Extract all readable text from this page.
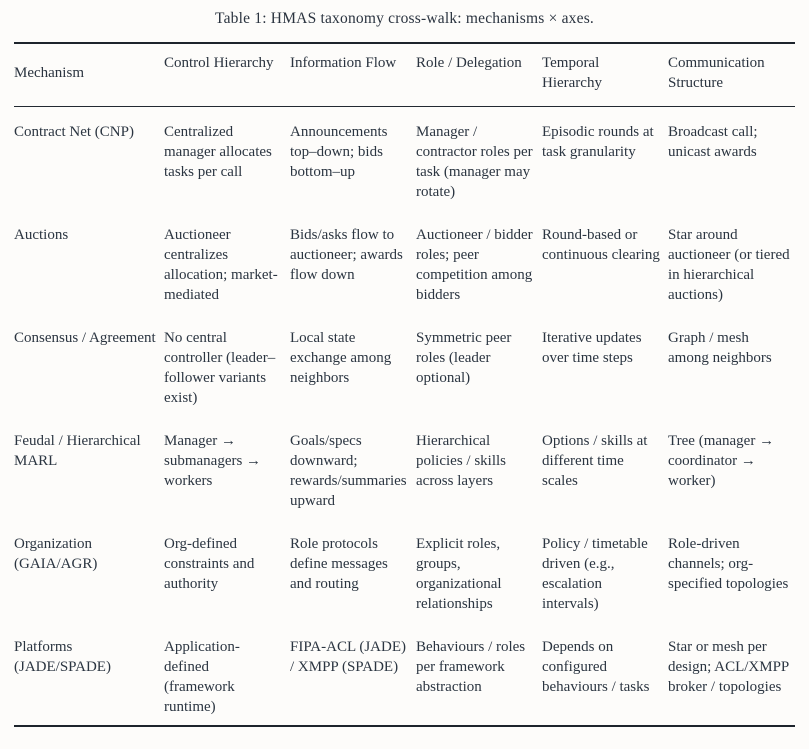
Table 1: HMAS taxonomy cross-walk: mechanisms × axes.
Mechanism	Control Hierarchy	Information Flow	Role / Delegation	Temporal Hierarchy	Communication Structure
Contract Net (CNP)	Centralized manager allocates tasks per call	Announcements top–down; bids bottom–up	Manager / contractor roles per task (manager may rotate)	Episodic rounds at task granularity	Broadcast call; unicast awards
Auctions	Auctioneer centralizes allocation; market-mediated	Bids/asks flow to auctioneer; awards flow down	Auctioneer / bidder roles; peer competition among bidders	Round-based or continuous clearing	Star around auctioneer (or tiered in hierarchical auctions)
Consensus / Agreement	No central controller (leader–follower variants exist)	Local state exchange among neighbors	Symmetric peer roles (leader optional)	Iterative updates over time steps	Graph / mesh among neighbors
Feudal / Hierarchical MARL	Manager → submanagers → workers	Goals/specs downward; rewards/summaries upward	Hierarchical policies / skills across layers	Options / skills at different time scales	Tree (manager → coordinator → worker)
Organization (GAIA/AGR)	Org-defined constraints and authority	Role protocols define messages and routing	Explicit roles, groups, organizational relationships	Policy / timetable driven (e.g., escalation intervals)	Role-driven channels; org-specified topologies
Platforms (JADE/SPADE)	Application-defined (framework runtime)	FIPA-ACL (JADE) / XMPP (SPADE)	Behaviours / roles per framework abstraction	Depends on configured behaviours / tasks	Star or mesh per design; ACL/XMPP broker / topologies
